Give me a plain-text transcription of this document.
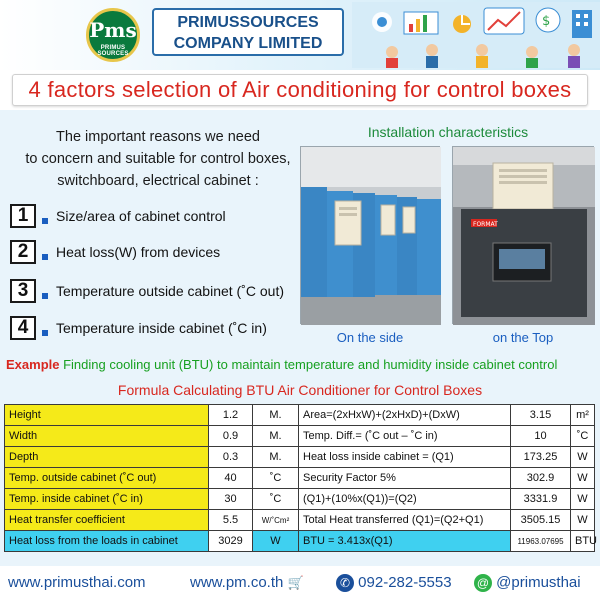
Pms
PRIMUS SOURCES
PRIMUSSOURCES
COMPANY LIMITED
$
4 factors selection of Air conditioning for control boxes
The important reasons we need
to concern and suitable for control boxes,
switchboard, electrical cabinet :
1	Size/area of cabinet control
2	Heat loss(W) from devices
3	Temperature outside cabinet (˚C out)
4	Temperature inside cabinet (˚C in)
Installation characteristics
FORMAT
On the side	on the Top
Example Finding cooling unit (BTU) to maintain temperature and humidity inside cabinet control
Formula Calculating BTU Air Conditioner for Control Boxes
Height	1.2	M.	Area=(2xHxW)+(2xHxD)+(DxW)	3.15	m²
Width	0.9	M.	Temp. Diff.= (˚C out – ˚C in)	10	˚C
Depth	0.3	M.	Heat loss inside cabinet = (Q1)	173.25	W
Temp. outside cabinet (˚C out)	40	˚C	Security Factor 5%	302.9	W
Temp. inside cabinet (˚C in)	30	˚C	(Q1)+(10%x(Q1))=(Q2)	3331.9	W
Heat transfer coefficient	5.5	W/˚Cm²	Total Heat transferred (Q1)=(Q2+Q1)	3505.15	W
Heat loss from the loads in cabinet	3029	W	BTU = 3.413x(Q1)	11963.07695	BTU
www.primusthai.com	www.pm.co.th 🛒	✆ 092-282-5553 @ @primusthai
